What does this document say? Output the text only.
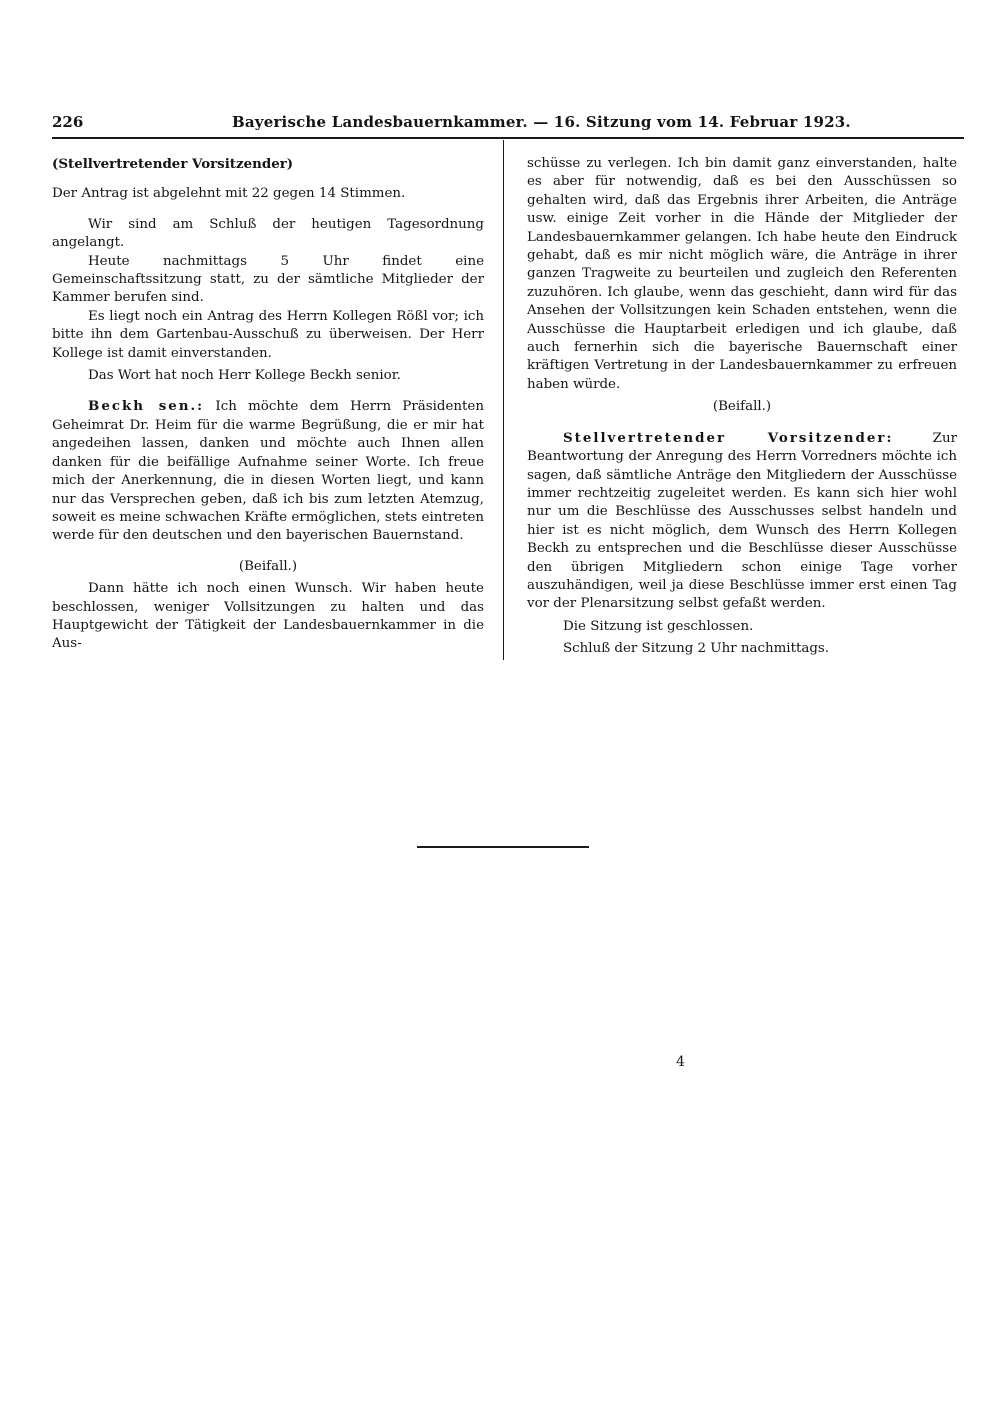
226	Bayerische Landesbauernkammer. — 16. Sitzung vom 14. Februar 1923.

(Stellvertretender Vorsitzender)

Der Antrag ist abgelehnt mit 22 gegen 14 Stimmen.

Wir sind am Schluß der heutigen Tagesordnung angelangt.

Heute nachmittags 5 Uhr findet eine Gemeinschaftssitzung statt, zu der sämtliche Mitglieder der Kammer berufen sind.

Es liegt noch ein Antrag des Herrn Kollegen Rößl vor; ich bitte ihn dem Gartenbau-Ausschuß zu überweisen. Der Herr Kollege ist damit einverstanden.

Das Wort hat noch Herr Kollege Beckh senior.

Beckh sen.: Ich möchte dem Herrn Präsidenten Geheimrat Dr. Heim für die warme Begrüßung, die er mir hat angedeihen lassen, danken und möchte auch Ihnen allen danken für die beifällige Aufnahme seiner Worte. Ich freue mich der Anerkennung, die in diesen Worten liegt, und kann nur das Versprechen geben, daß ich bis zum letzten Atemzug, soweit es meine schwachen Kräfte ermöglichen, stets eintreten werde für den deutschen und den bayerischen Bauernstand.

(Beifall.)

Dann hätte ich noch einen Wunsch. Wir haben heute beschlossen, weniger Vollsitzungen zu halten und das Hauptgewicht der Tätigkeit der Landesbauernkammer in die Aus-

schüsse zu verlegen. Ich bin damit ganz einverstanden, halte es aber für notwendig, daß es bei den Ausschüssen so gehalten wird, daß das Ergebnis ihrer Arbeiten, die Anträge usw. einige Zeit vorher in die Hände der Mitglieder der Landesbauernkammer gelangen. Ich habe heute den Eindruck gehabt, daß es mir nicht möglich wäre, die Anträge in ihrer ganzen Tragweite zu beurteilen und zugleich den Referenten zuzuhören. Ich glaube, wenn das geschieht, dann wird für das Ansehen der Vollsitzungen kein Schaden entstehen, wenn die Ausschüsse die Hauptarbeit erledigen und ich glaube, daß auch fernerhin sich die bayerische Bauernschaft einer kräftigen Vertretung in der Landesbauernkammer zu erfreuen haben würde.

(Beifall.)

Stellvertretender Vorsitzender: Zur Beantwortung der Anregung des Herrn Vorredners möchte ich sagen, daß sämtliche Anträge den Mitgliedern der Ausschüsse immer rechtzeitig zugeleitet werden. Es kann sich hier wohl nur um die Beschlüsse des Ausschusses selbst handeln und hier ist es nicht möglich, dem Wunsch des Herrn Kollegen Beckh zu entsprechen und die Beschlüsse dieser Ausschüsse den übrigen Mitgliedern schon einige Tage vorher auszuhändigen, weil ja diese Beschlüsse immer erst einen Tag vor der Plenarsitzung selbst gefaßt werden.

Die Sitzung ist geschlossen.

Schluß der Sitzung 2 Uhr nachmittags.

4
